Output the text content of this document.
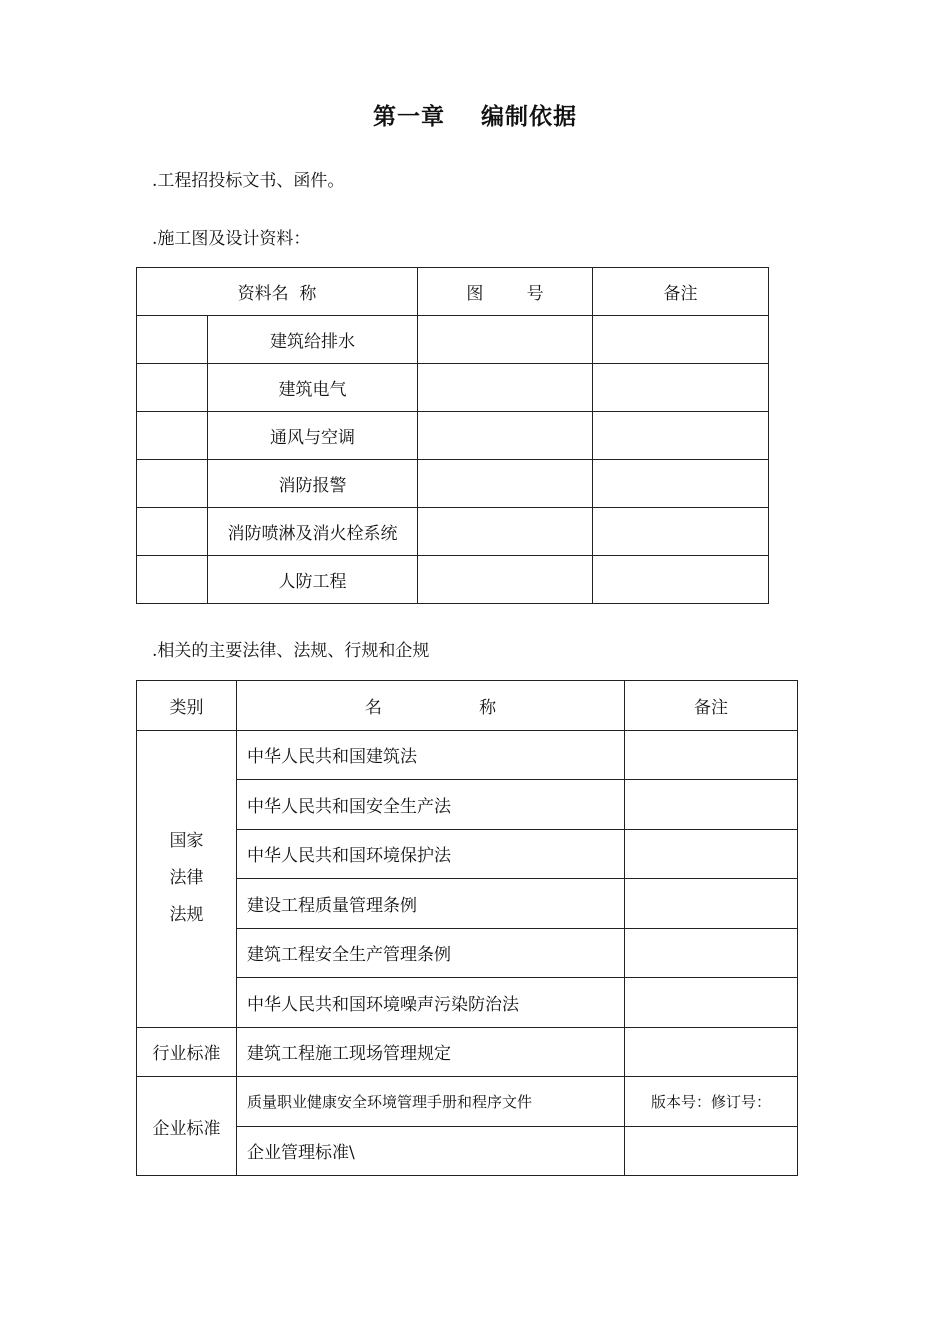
第一章    编制依据
.工程招投标文书、函件。
.施工图及设计资料：
资料名  称		图        号	备注
	建筑给排水		
	建筑电气		
	通风与空调		
	消防报警		
	消防喷淋及消火栓系统		
	人防工程		
.相关的主要法律、法规、行规和企规
类别	名                  称	备注

国家
法律
法规	中华人民共和国建筑法	
	中华人民共和国安全生产法	
	中华人民共和国环境保护法	
	建设工程质量管理条例	
	建筑工程安全生产管理条例	
	中华人民共和国环境噪声污染防治法	
行业标准	建筑工程施工现场管理规定	
企业标准	质量职业健康安全环境管理手册和程序文件	版本号：修订号：
	企业管理标准\	
